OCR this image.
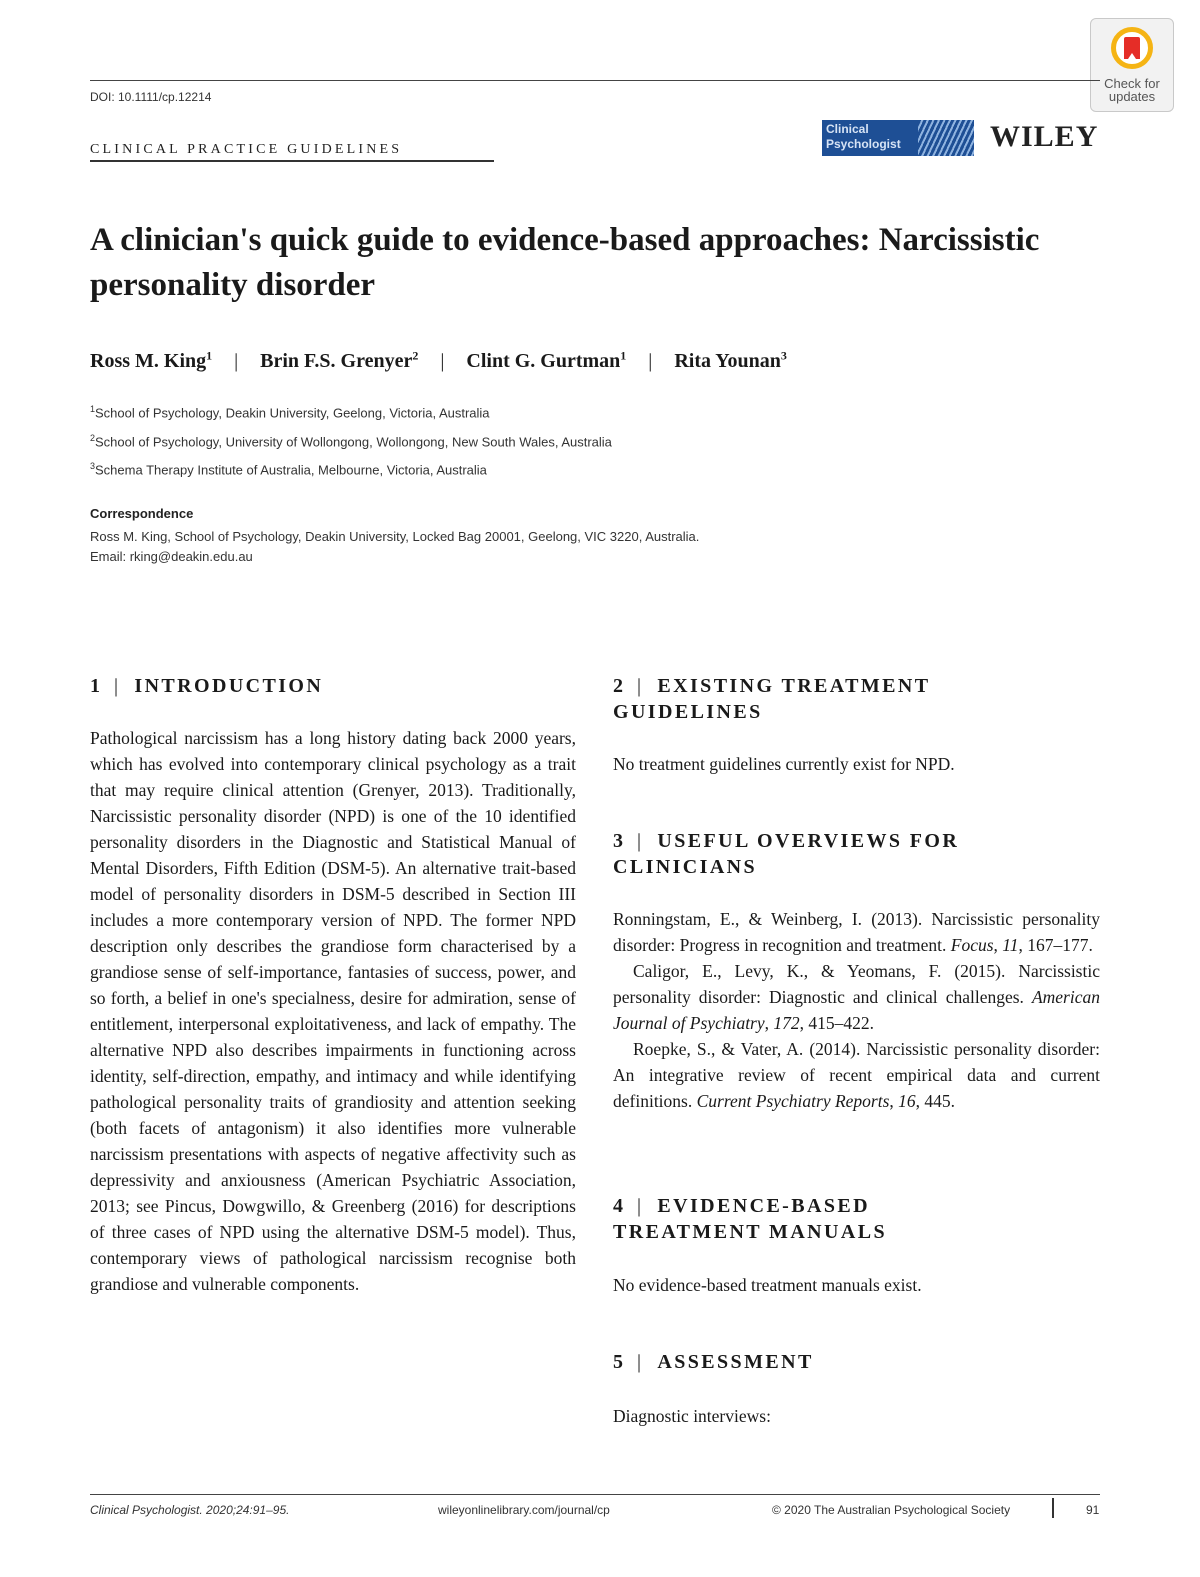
Check for updates
DOI: 10.1111/cp.12214
CLINICAL PRACTICE GUIDELINES
Clinical Psychologist	WILEY
A clinician's quick guide to evidence-based approaches: Narcissistic personality disorder
Ross M. King$^1$ | Brin F.S. Grenyer$^2$ | Clint G. Gurtman$^1$ | Rita Younan$^3$
$^1$School of Psychology, Deakin University, Geelong, Victoria, Australia
$^2$School of Psychology, University of Wollongong, Wollongong, New South Wales, Australia
$^3$Schema Therapy Institute of Australia, Melbourne, Victoria, Australia
Correspondence
Ross M. King, School of Psychology, Deakin University, Locked Bag 20001, Geelong, VIC 3220, Australia.
Email: rking@deakin.edu.au
1 | INTRODUCTION

Pathological narcissism has a long history dating back 2000 years, which has evolved into contemporary clinical psychology as a trait that may require clinical attention (Grenyer, 2013). Traditionally, Narcissistic personality disorder (NPD) is one of the 10 identified personality disorders in the Diagnostic and Statistical Manual of Mental Disorders, Fifth Edition (DSM-5). An alternative trait-based model of personality disorders in DSM-5 described in Section III includes a more contemporary version of NPD. The former NPD description only describes the grandiose form characterised by a grandiose sense of self-importance, fantasies of success, power, and so forth, a belief in one's specialness, desire for admiration, sense of entitlement, interpersonal exploitativeness, and lack of empathy. The alternative NPD also describes impairments in functioning across identity, self-direction, empathy, and intimacy and while identifying pathological personality traits of grandiosity and attention seeking (both facets of antagonism) it also identifies more vulnerable narcissism presentations with aspects of negative affectivity such as depressivity and anxiousness (American Psychiatric Association, 2013; see Pincus, Dowgwillo, & Greenberg (2016) for descriptions of three cases of NPD using the alternative DSM-5 model). Thus, contemporary views of pathological narcissism recognise both grandiose and vulnerable components.

2 | EXISTING TREATMENT
GUIDELINES

No treatment guidelines currently exist for NPD.

3 | USEFUL OVERVIEWS FOR
CLINICIANS

Ronningstam, E., & Weinberg, I. (2013). Narcissistic personality disorder: Progress in recognition and treatment. Focus, 11, 167–177.

Caligor, E., Levy, K., & Yeomans, F. (2015). Narcissistic personality disorder: Diagnostic and clinical challenges. American Journal of Psychiatry, 172, 415–422.

Roepke, S., & Vater, A. (2014). Narcissistic personality disorder: An integrative review of recent empirical data and current definitions. Current Psychiatry Reports, 16, 445.

4 | EVIDENCE-BASED
TREATMENT MANUALS

No evidence-based treatment manuals exist.

5 | ASSESSMENT

Diagnostic interviews:

Clinical Psychologist. 2020;24:91–95.	wileyonlinelibrary.com/journal/cp	© 2020 The Australian Psychological Society	91
